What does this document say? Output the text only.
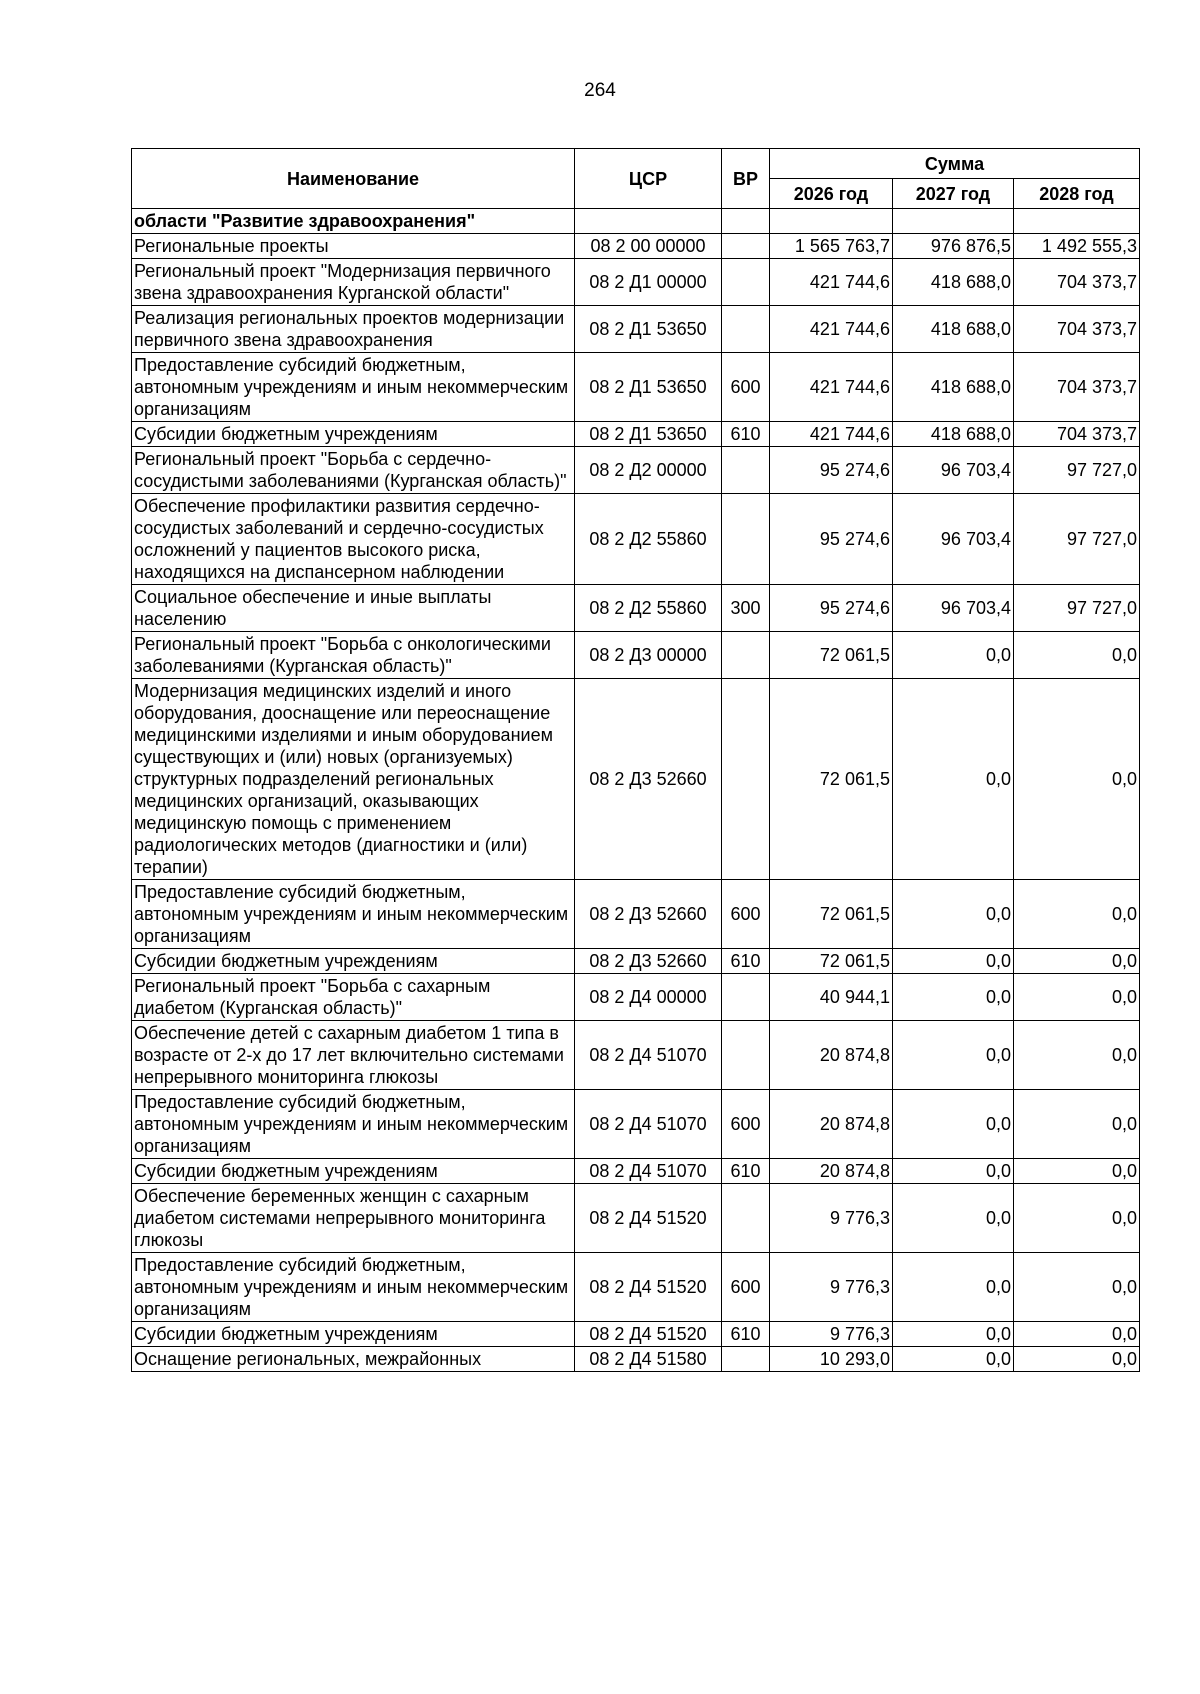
264
Наименование	ЦСР	ВР	Сумма		
			2026 год	2027 год	2028 год
области "Развитие здравоохранения"					
Региональные проекты	08 2 00 00000		1 565 763,7	976 876,5	1 492 555,3
Региональный проект "Модернизация первичного звена здравоохранения Курганской области"	08 2 Д1 00000		421 744,6	418 688,0	704 373,7
Реализация региональных проектов модернизации первичного звена здравоохранения	08 2 Д1 53650		421 744,6	418 688,0	704 373,7
Предоставление субсидий бюджетным, автономным учреждениям и иным некоммерческим организациям	08 2 Д1 53650	600	421 744,6	418 688,0	704 373,7
Субсидии бюджетным учреждениям	08 2 Д1 53650	610	421 744,6	418 688,0	704 373,7
Региональный проект "Борьба с сердечно-сосудистыми заболеваниями (Курганская область)"	08 2 Д2 00000		95 274,6	96 703,4	97 727,0
Обеспечение профилактики развития сердечно-сосудистых заболеваний и сердечно-сосудистых осложнений у пациентов высокого риска, находящихся на диспансерном наблюдении	08 2 Д2 55860		95 274,6	96 703,4	97 727,0
Социальное обеспечение и иные выплаты населению	08 2 Д2 55860	300	95 274,6	96 703,4	97 727,0
Региональный проект "Борьба с онкологическими заболеваниями (Курганская область)"	08 2 Д3 00000		72 061,5	0,0	0,0
Модернизация медицинских изделий и иного оборудования, дооснащение или переоснащение медицинскими изделиями и иным оборудованием существующих и (или) новых (организуемых) структурных подразделений региональных медицинских организаций, оказывающих медицинскую помощь с применением радиологических методов (диагностики и (или) терапии)	08 2 Д3 52660		72 061,5	0,0	0,0
Предоставление субсидий бюджетным, автономным учреждениям и иным некоммерческим организациям	08 2 Д3 52660	600	72 061,5	0,0	0,0
Субсидии бюджетным учреждениям	08 2 Д3 52660	610	72 061,5	0,0	0,0
Региональный проект "Борьба с сахарным диабетом (Курганская область)"	08 2 Д4 00000		40 944,1	0,0	0,0
Обеспечение детей с сахарным диабетом 1 типа в возрасте от 2-х до 17 лет включительно системами непрерывного мониторинга глюкозы	08 2 Д4 51070		20 874,8	0,0	0,0
Предоставление субсидий бюджетным, автономным учреждениям и иным некоммерческим организациям	08 2 Д4 51070	600	20 874,8	0,0	0,0
Субсидии бюджетным учреждениям	08 2 Д4 51070	610	20 874,8	0,0	0,0
Обеспечение беременных женщин с сахарным диабетом системами непрерывного мониторинга глюкозы	08 2 Д4 51520		9 776,3	0,0	0,0
Предоставление субсидий бюджетным, автономным учреждениям и иным некоммерческим организациям	08 2 Д4 51520	600	9 776,3	0,0	0,0
Субсидии бюджетным учреждениям	08 2 Д4 51520	610	9 776,3	0,0	0,0
Оснащение региональных, межрайонных	08 2 Д4 51580		10 293,0	0,0	0,0
